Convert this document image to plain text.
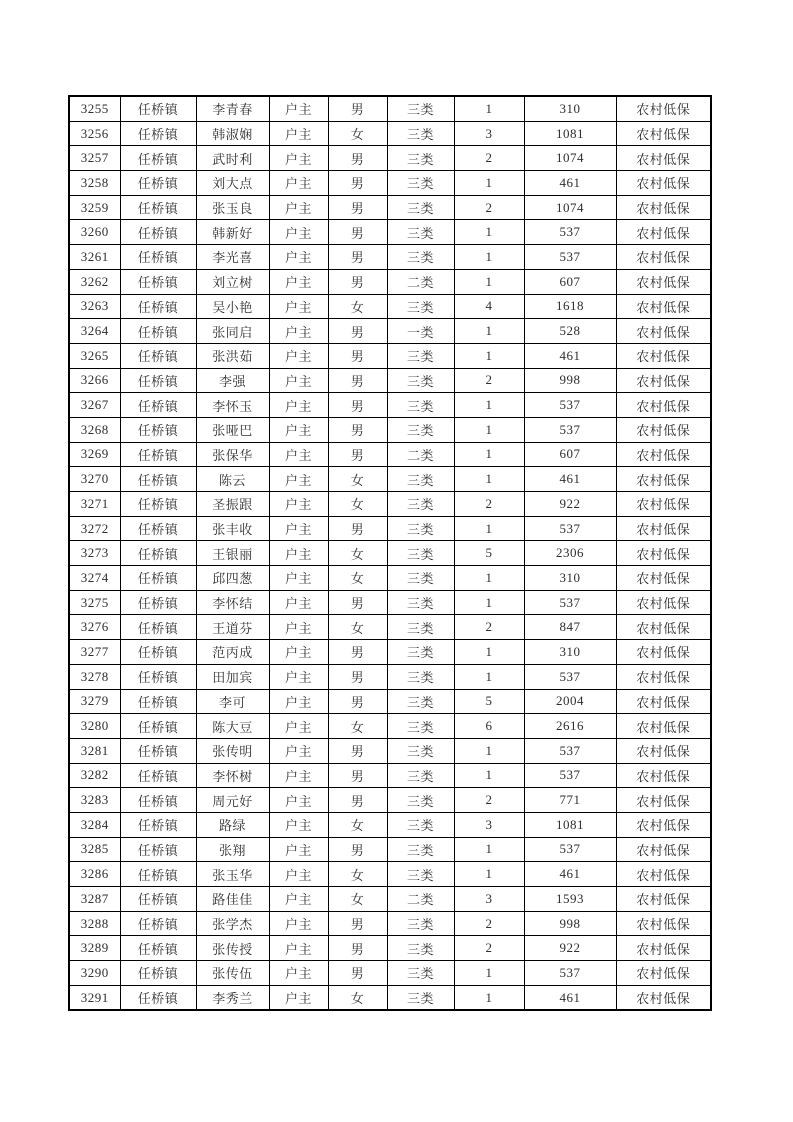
3255	任桥镇	李青春	户主	男	三类	1	310	农村低保
3256	任桥镇	韩淑娴	户主	女	三类	3	1081	农村低保
3257	任桥镇	武时利	户主	男	三类	2	1074	农村低保
3258	任桥镇	刘大点	户主	男	三类	1	461	农村低保
3259	任桥镇	张玉良	户主	男	三类	2	1074	农村低保
3260	任桥镇	韩新好	户主	男	三类	1	537	农村低保
3261	任桥镇	李光喜	户主	男	三类	1	537	农村低保
3262	任桥镇	刘立树	户主	男	二类	1	607	农村低保
3263	任桥镇	吴小艳	户主	女	三类	4	1618	农村低保
3264	任桥镇	张同启	户主	男	一类	1	528	农村低保
3265	任桥镇	张洪茹	户主	男	三类	1	461	农村低保
3266	任桥镇	李强	户主	男	三类	2	998	农村低保
3267	任桥镇	李怀玉	户主	男	三类	1	537	农村低保
3268	任桥镇	张哑巴	户主	男	三类	1	537	农村低保
3269	任桥镇	张保华	户主	男	二类	1	607	农村低保
3270	任桥镇	陈云	户主	女	三类	1	461	农村低保
3271	任桥镇	圣振跟	户主	女	三类	2	922	农村低保
3272	任桥镇	张丰收	户主	男	三类	1	537	农村低保
3273	任桥镇	王银丽	户主	女	三类	5	2306	农村低保
3274	任桥镇	邱四葱	户主	女	三类	1	310	农村低保
3275	任桥镇	李怀结	户主	男	三类	1	537	农村低保
3276	任桥镇	王道芬	户主	女	三类	2	847	农村低保
3277	任桥镇	范丙成	户主	男	三类	1	310	农村低保
3278	任桥镇	田加宾	户主	男	三类	1	537	农村低保
3279	任桥镇	李可	户主	男	三类	5	2004	农村低保
3280	任桥镇	陈大豆	户主	女	三类	6	2616	农村低保
3281	任桥镇	张传明	户主	男	三类	1	537	农村低保
3282	任桥镇	李怀树	户主	男	三类	1	537	农村低保
3283	任桥镇	周元好	户主	男	三类	2	771	农村低保
3284	任桥镇	路绿	户主	女	三类	3	1081	农村低保
3285	任桥镇	张翔	户主	男	三类	1	537	农村低保
3286	任桥镇	张玉华	户主	女	三类	1	461	农村低保
3287	任桥镇	路佳佳	户主	女	二类	3	1593	农村低保
3288	任桥镇	张学杰	户主	男	三类	2	998	农村低保
3289	任桥镇	张传授	户主	男	三类	2	922	农村低保
3290	任桥镇	张传伍	户主	男	三类	1	537	农村低保
3291	任桥镇	李秀兰	户主	女	三类	1	461	农村低保
